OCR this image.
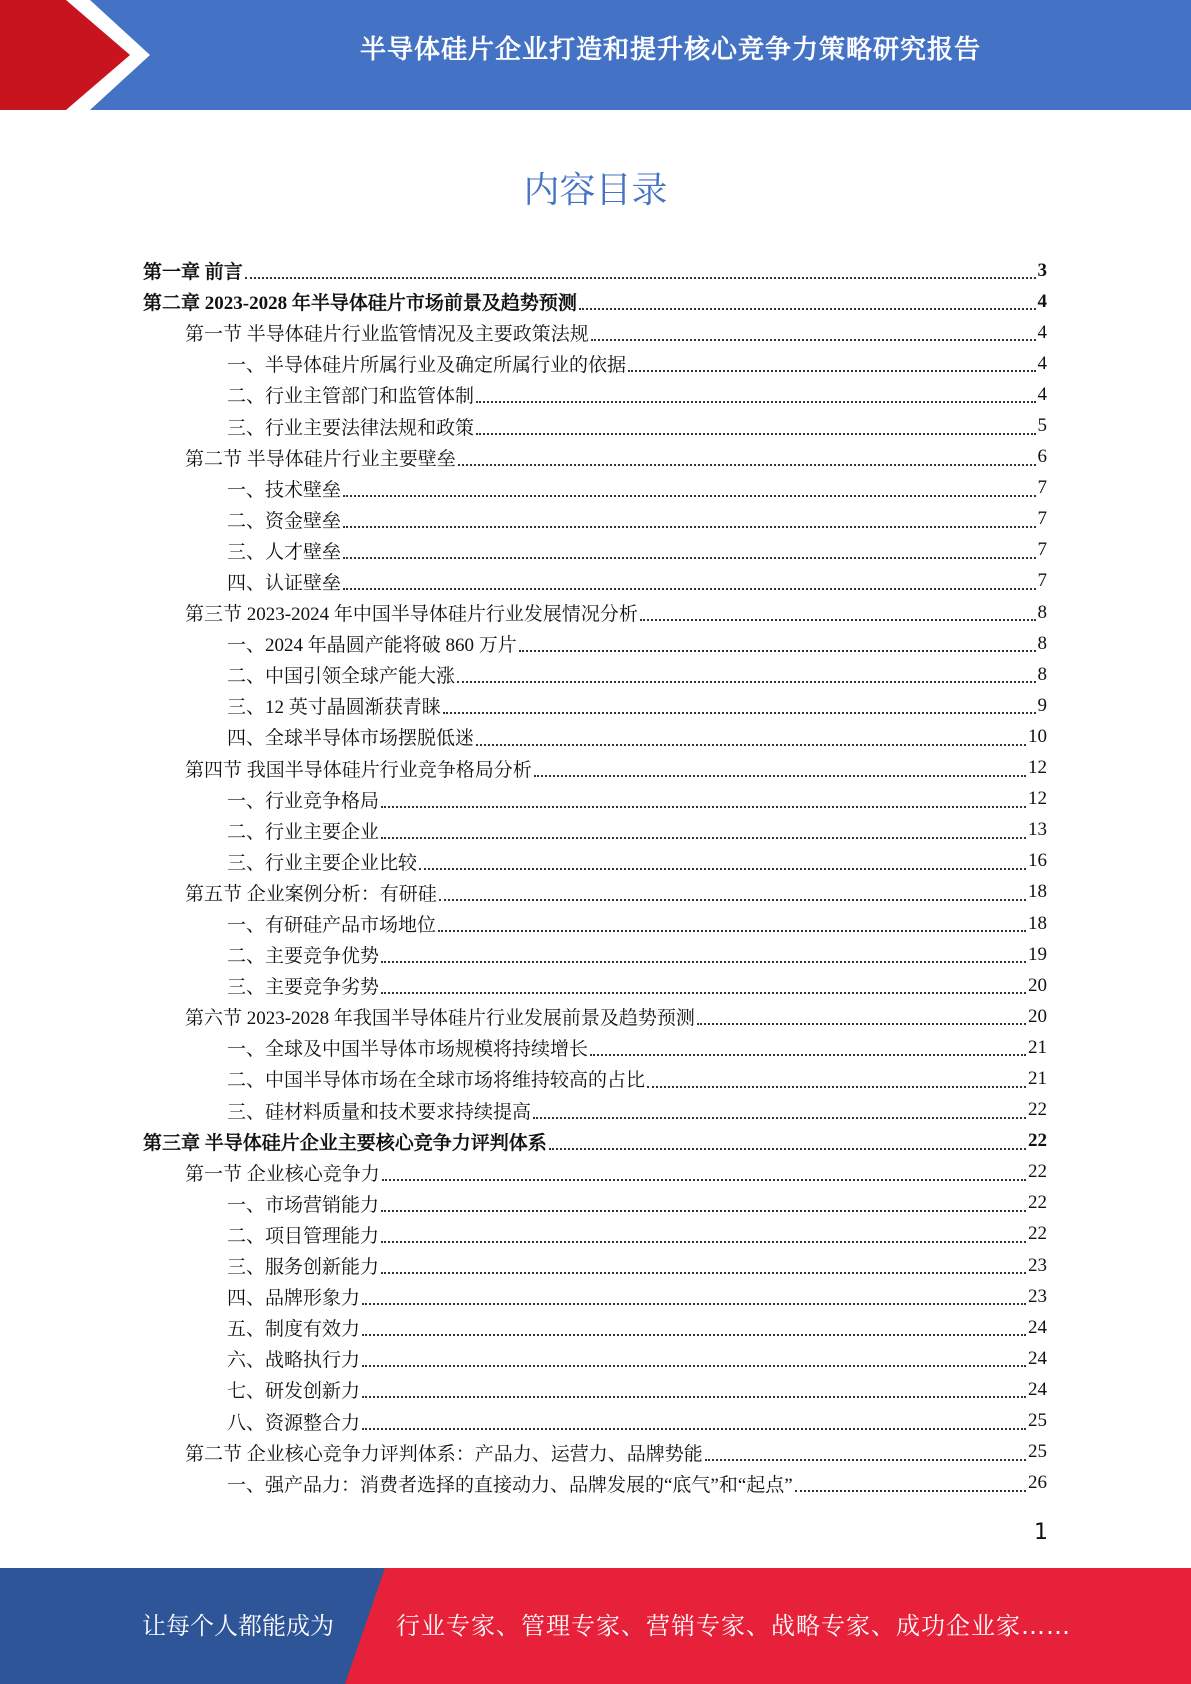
半导体硅片企业打造和提升核心竞争力策略研究报告
内容目录
第一章 前言	3
第二章 2023-2028 年半导体硅片市场前景及趋势预测	4
第一节 半导体硅片行业监管情况及主要政策法规	4
一、半导体硅片所属行业及确定所属行业的依据	4
二、行业主管部门和监管体制	4
三、行业主要法律法规和政策	5
第二节 半导体硅片行业主要壁垒	6
一、技术壁垒	7
二、资金壁垒	7
三、人才壁垒	7
四、认证壁垒	7
第三节 2023-2024 年中国半导体硅片行业发展情况分析	8
一、2024 年晶圆产能将破 860 万片	8
二、中国引领全球产能大涨	8
三、12 英寸晶圆渐获青睐	9
四、全球半导体市场摆脱低迷	10
第四节 我国半导体硅片行业竞争格局分析	12
一、行业竞争格局	12
二、行业主要企业	13
三、行业主要企业比较	16
第五节 企业案例分析：有研硅	18
一、有研硅产品市场地位	18
二、主要竞争优势	19
三、主要竞争劣势	20
第六节 2023-2028 年我国半导体硅片行业发展前景及趋势预测	20
一、全球及中国半导体市场规模将持续增长	21
二、中国半导体市场在全球市场将维持较高的占比	21
三、硅材料质量和技术要求持续提高	22
第三章 半导体硅片企业主要核心竞争力评判体系	22
第一节 企业核心竞争力	22
一、市场营销能力	22
二、项目管理能力	22
三、服务创新能力	23
四、品牌形象力	23
五、制度有效力	24
六、战略执行力	24
七、研发创新力	24
八、资源整合力	25
第二节 企业核心竞争力评判体系：产品力、运营力、品牌势能	25
一、强产品力：消费者选择的直接动力、品牌发展的“底气”和“起点”	26
1
让每个人都能成为	行业专家、管理专家、营销专家、战略专家、成功企业家……
